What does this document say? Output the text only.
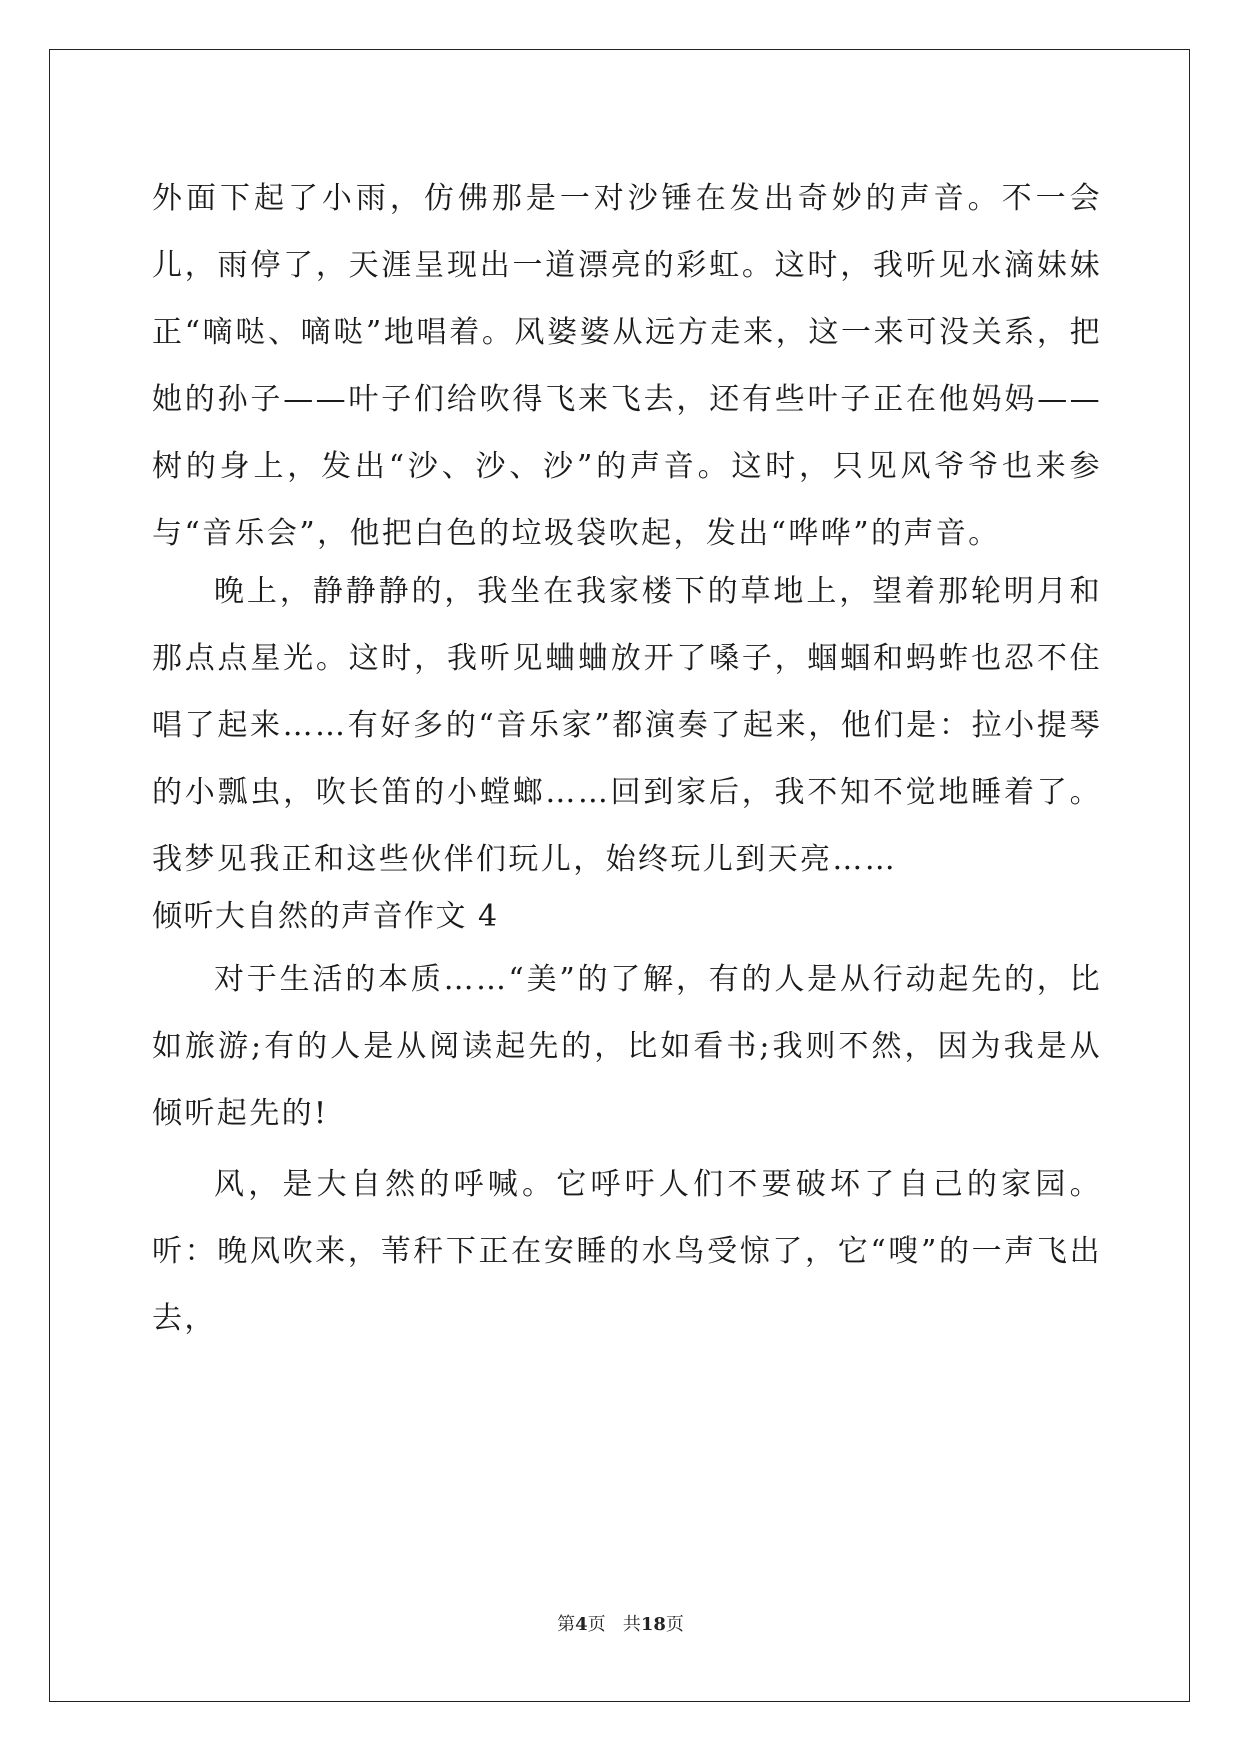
外面下起了小雨，仿佛那是一对沙锤在发出奇妙的声音。不一会儿，雨停了，天涯呈现出一道漂亮的彩虹。这时，我听见水滴妹妹正“嘀哒、嘀哒”地唱着。风婆婆从远方走来，这一来可没关系，把她的孙子——叶子们给吹得飞来飞去，还有些叶子正在他妈妈——树的身上，发出“沙、沙、沙”的声音。这时，只见风爷爷也来参与“音乐会”，他把白色的垃圾袋吹起，发出“哗哗”的声音。

晚上，静静静的，我坐在我家楼下的草地上，望着那轮明月和那点点星光。这时，我听见蛐蛐放开了嗓子，蝈蝈和蚂蚱也忍不住唱了起来……有好多的“音乐家”都演奏了起来，他们是：拉小提琴的小瓢虫，吹长笛的小螳螂……回到家后，我不知不觉地睡着了。我梦见我正和这些伙伴们玩儿，始终玩儿到天亮……

倾听大自然的声音作文 4

对于生活的本质……“美”的了解，有的人是从行动起先的，比如旅游;有的人是从阅读起先的，比如看书;我则不然，因为我是从倾听起先的!

风，是大自然的呼喊。它呼吁人们不要破坏了自己的家园。听：晚风吹来，苇秆下正在安睡的水鸟受惊了，它“嗖”的一声飞出去，

第4页 共18页
